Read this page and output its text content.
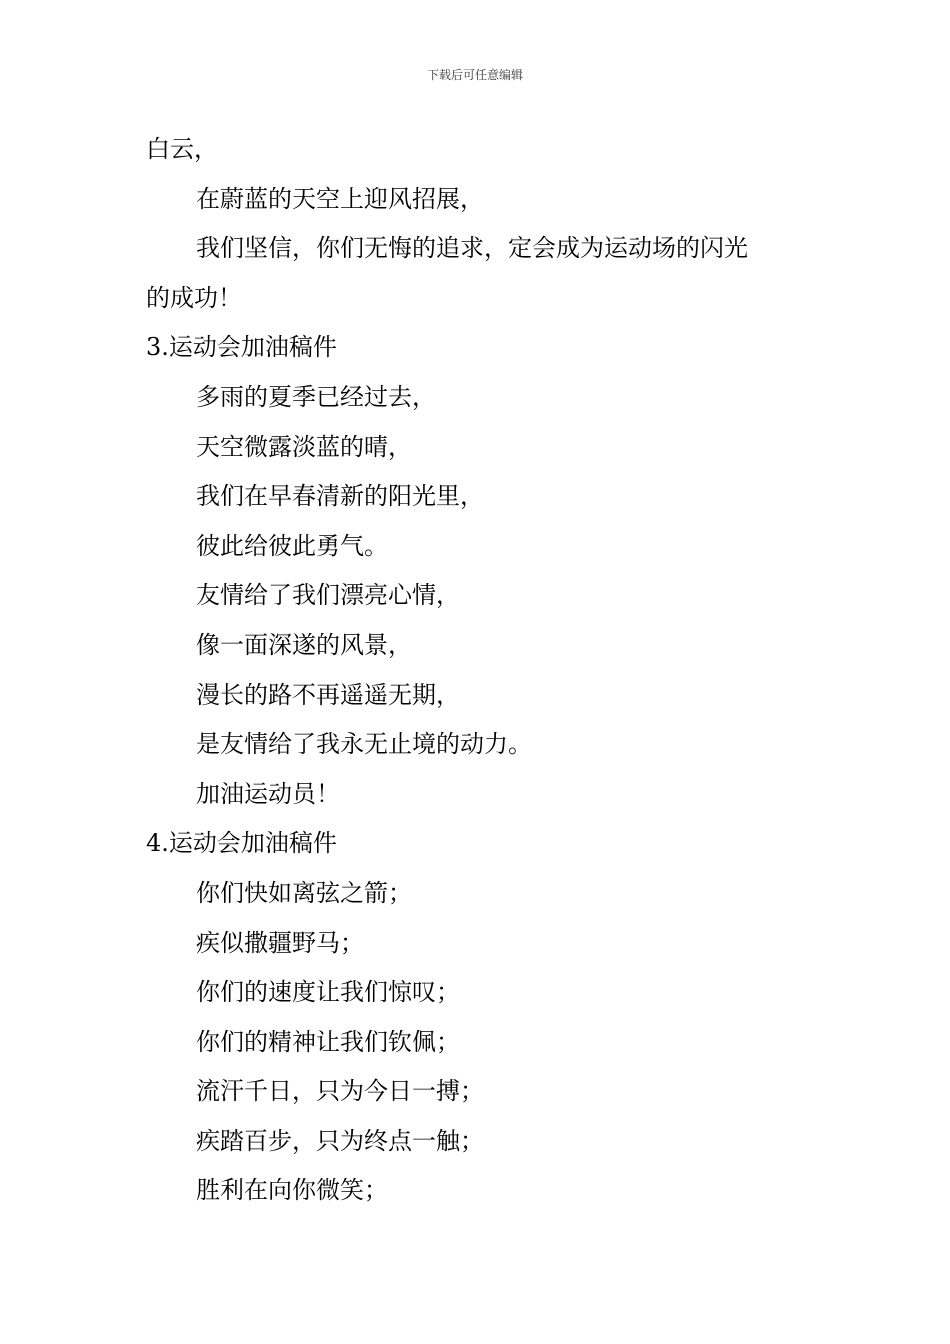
下载后可任意编辑
白云，
在蔚蓝的天空上迎风招展，
我们坚信，你们无悔的追求，定会成为运动场的闪光
的成功！
3.运动会加油稿件
多雨的夏季已经过去，
天空微露淡蓝的晴，
我们在早春清新的阳光里，
彼此给彼此勇气。
友情给了我们漂亮心情，
像一面深遂的风景，
漫长的路不再遥遥无期，
是友情给了我永无止境的动力。
加油运动员！
4.运动会加油稿件
你们快如离弦之箭；
疾似撒疆野马；
你们的速度让我们惊叹；
你们的精神让我们钦佩；
流汗千日，只为今日一搏；
疾踏百步，只为终点一触；
胜利在向你微笑；
